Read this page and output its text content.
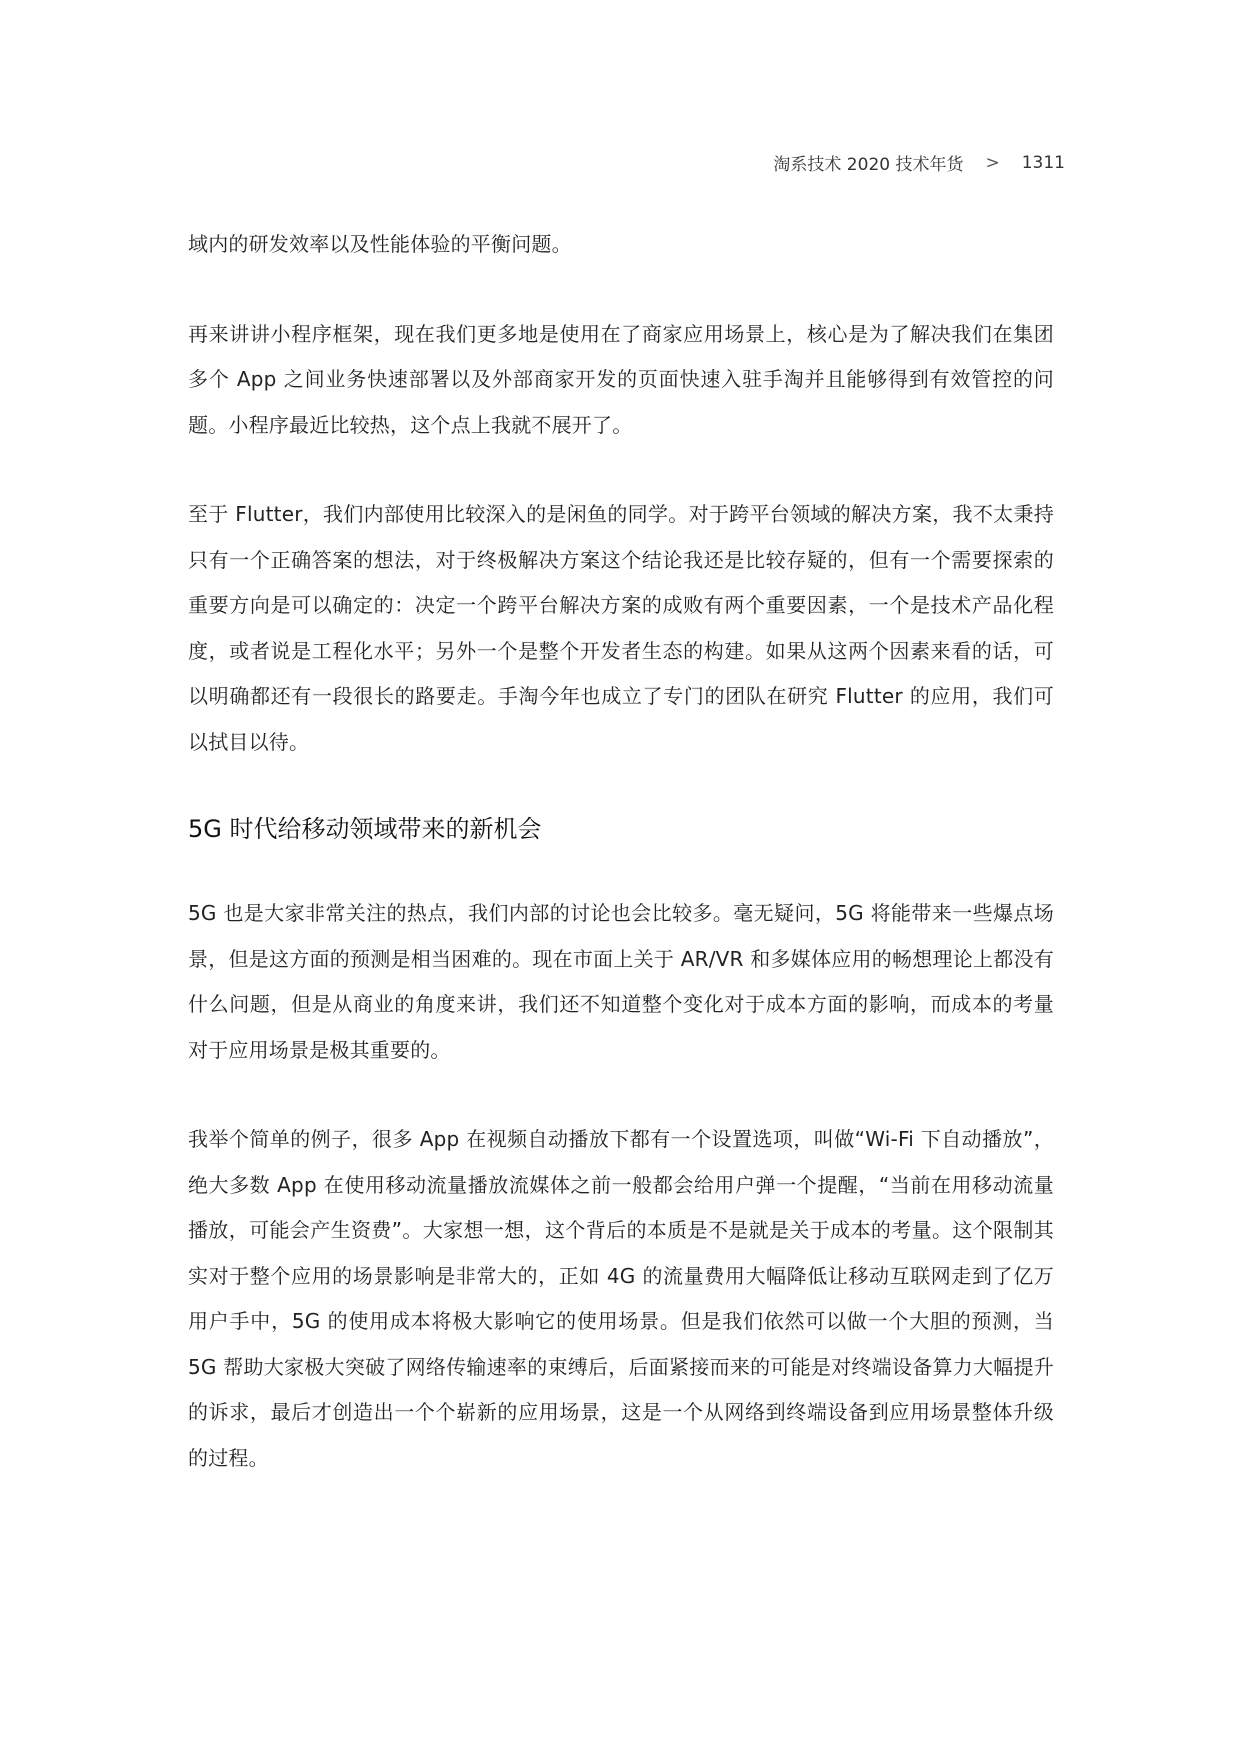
淘系技术 2020 技术年货 > 1311

域内的研发效率以及性能体验的平衡问题。

再来讲讲小程序框架，现在我们更多地是使用在了商家应用场景上，核心是为了解决我们在集团多个 App 之间业务快速部署以及外部商家开发的页面快速入驻手淘并且能够得到有效管控的问题。小程序最近比较热，这个点上我就不展开了。

至于 Flutter，我们内部使用比较深入的是闲鱼的同学。对于跨平台领域的解决方案，我不太秉持只有一个正确答案的想法，对于终极解决方案这个结论我还是比较存疑的，但有一个需要探索的重要方向是可以确定的：决定一个跨平台解决方案的成败有两个重要因素，一个是技术产品化程度，或者说是工程化水平；另外一个是整个开发者生态的构建。如果从这两个因素来看的话，可以明确都还有一段很长的路要走。手淘今年也成立了专门的团队在研究 Flutter 的应用，我们可以拭目以待。

5G 时代给移动领域带来的新机会

5G 也是大家非常关注的热点，我们内部的讨论也会比较多。毫无疑问，5G 将能带来一些爆点场景，但是这方面的预测是相当困难的。现在市面上关于 AR/VR 和多媒体应用的畅想理论上都没有什么问题，但是从商业的角度来讲，我们还不知道整个变化对于成本方面的影响，而成本的考量对于应用场景是极其重要的。

我举个简单的例子，很多 App 在视频自动播放下都有一个设置选项，叫做“Wi-Fi 下自动播放”，绝大多数 App 在使用移动流量播放流媒体之前一般都会给用户弹一个提醒，“当前在用移动流量播放，可能会产生资费”。大家想一想，这个背后的本质是不是就是关于成本的考量。这个限制其实对于整个应用的场景影响是非常大的，正如 4G 的流量费用大幅降低让移动互联网走到了亿万用户手中，5G 的使用成本将极大影响它的使用场景。但是我们依然可以做一个大胆的预测，当 5G 帮助大家极大突破了网络传输速率的束缚后，后面紧接而来的可能是对终端设备算力大幅提升的诉求，最后才创造出一个个崭新的应用场景，这是一个从网络到终端设备到应用场景整体升级的过程。
